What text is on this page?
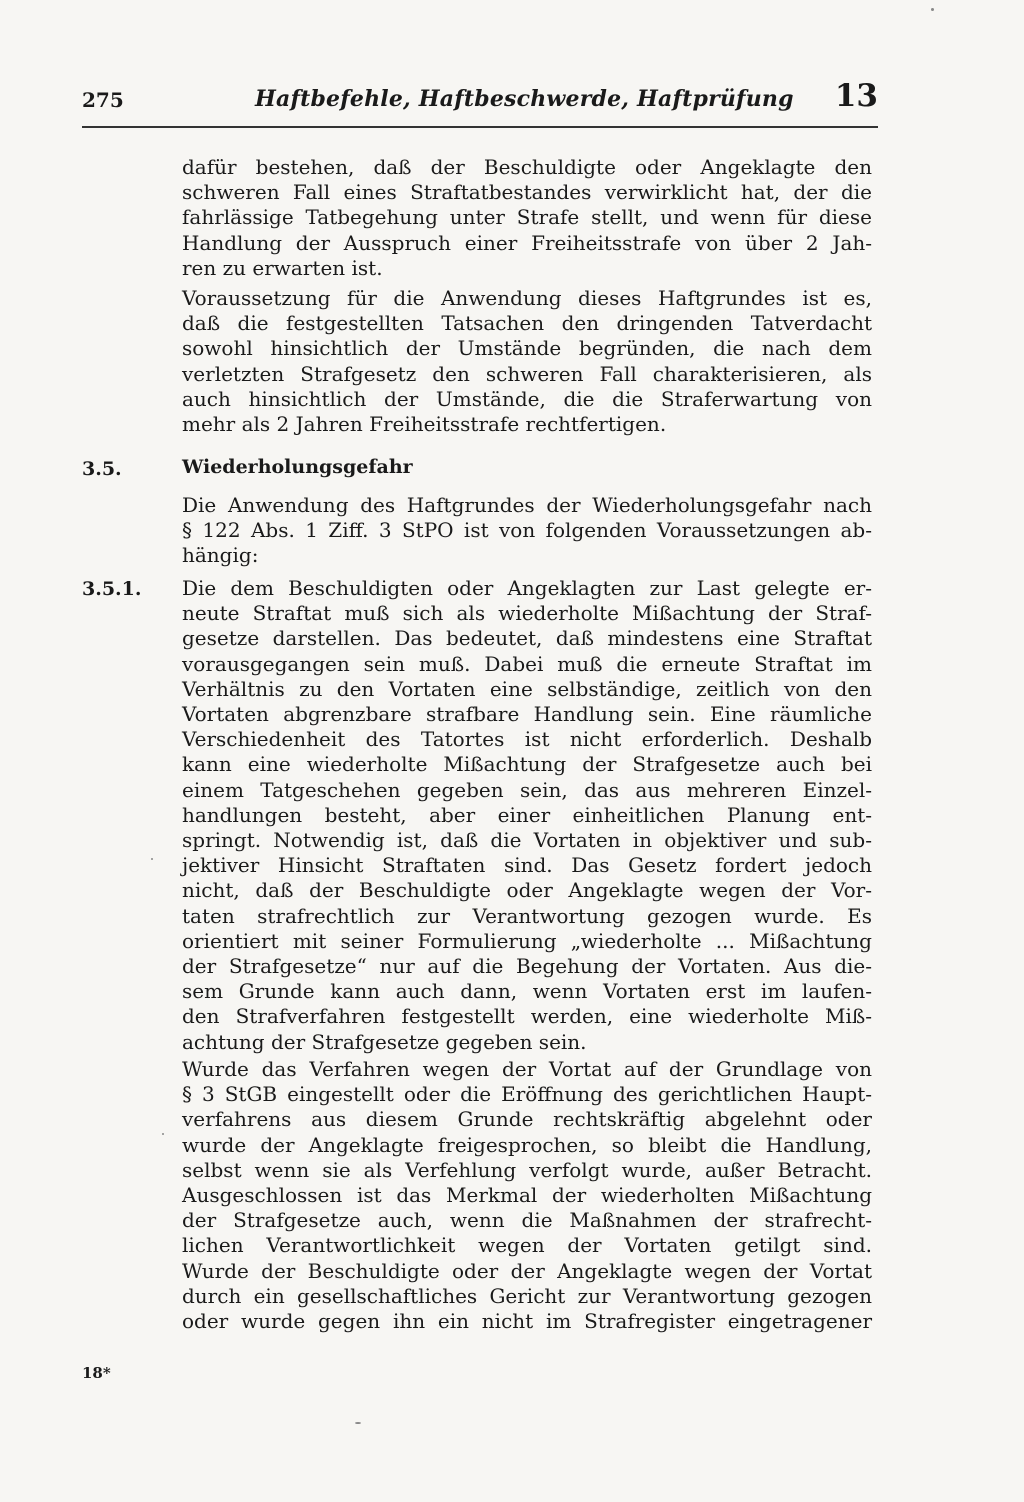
275	Haftbefehle, Haftbeschwerde, Haftprüfung 13
dafür bestehen, daß der Beschuldigte oder Angeklagte den
schweren Fall eines Straftatbestandes verwirklicht hat, der die
fahrlässige Tatbegehung unter Strafe stellt, und wenn für diese
Handlung der Ausspruch einer Freiheitsstrafe von über 2 Jah-
ren zu erwarten ist.
Voraussetzung für die Anwendung dieses Haftgrundes ist es,
daß die festgestellten Tatsachen den dringenden Tatverdacht
sowohl hinsichtlich der Umstände begründen, die nach dem
verletzten Strafgesetz den schweren Fall charakterisieren, als
auch hinsichtlich der Umstände, die die Straferwartung von
mehr als 2 Jahren Freiheitsstrafe rechtfertigen.
3.5.	Wiederholungsgefahr
Die Anwendung des Haftgrundes der Wiederholungsgefahr nach
§ 122 Abs. 1 Ziff. 3 StPO ist von folgenden Voraussetzungen ab-
hängig:
3.5.1. Die dem Beschuldigten oder Angeklagten zur Last gelegte er-
neute Straftat muß sich als wiederholte Mißachtung der Straf-
gesetze darstellen. Das bedeutet, daß mindestens eine Straftat
vorausgegangen sein muß. Dabei muß die erneute Straftat im
Verhältnis zu den Vortaten eine selbständige, zeitlich von den
Vortaten abgrenzbare strafbare Handlung sein. Eine räumliche
Verschiedenheit des Tatortes ist nicht erforderlich. Deshalb
kann eine wiederholte Mißachtung der Strafgesetze auch bei
einem Tatgeschehen gegeben sein, das aus mehreren Einzel-
handlungen besteht, aber einer einheitlichen Planung ent-
springt. Notwendig ist, daß die Vortaten in objektiver und sub-
jektiver Hinsicht Straftaten sind. Das Gesetz fordert jedoch
nicht, daß der Beschuldigte oder Angeklagte wegen der Vor-
taten strafrechtlich zur Verantwortung gezogen wurde. Es
orientiert mit seiner Formulierung „wiederholte ... Mißachtung
der Strafgesetze“ nur auf die Begehung der Vortaten. Aus die-
sem Grunde kann auch dann, wenn Vortaten erst im laufen-
den Strafverfahren festgestellt werden, eine wiederholte Miß-
achtung der Strafgesetze gegeben sein.
Wurde das Verfahren wegen der Vortat auf der Grundlage von
§ 3 StGB eingestellt oder die Eröffnung des gerichtlichen Haupt-
verfahrens aus diesem Grunde rechtskräftig abgelehnt oder
wurde der Angeklagte freigesprochen, so bleibt die Handlung,
selbst wenn sie als Verfehlung verfolgt wurde, außer Betracht.
Ausgeschlossen ist das Merkmal der wiederholten Mißachtung
der Strafgesetze auch, wenn die Maßnahmen der strafrecht-
lichen Verantwortlichkeit wegen der Vortaten getilgt sind.
Wurde der Beschuldigte oder der Angeklagte wegen der Vortat
durch ein gesellschaftliches Gericht zur Verantwortung gezogen
oder wurde gegen ihn ein nicht im Strafregister eingetragener
18*
